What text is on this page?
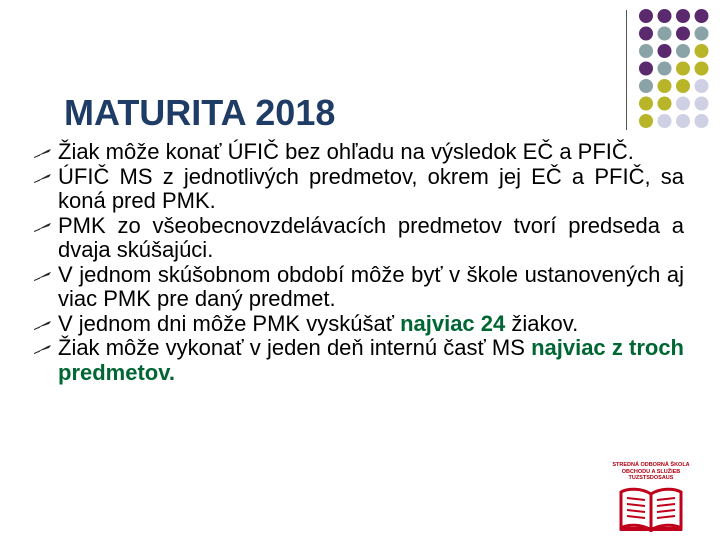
MATURITA 2018
Žiak môže konať ÚFIČ bez ohľadu na výsledok EČ a PFIČ.
ÚFIČ MS z jednotlivých predmetov, okrem jej EČ a PFIČ, sa koná pred PMK.
PMK zo všeobecnovzdelávacích predmetov tvorí predseda a dvaja skúšajúci.
V jednom skúšobnom období môže byť v škole ustanovených aj viac PMK pre daný predmet.
V jednom dni môže PMK vyskúšať najviac 24 žiakov.
Žiak môže vykonať v jeden deň internú časť MS najviac z troch predmetov.
STREDNÁ ODBORNÁ ŠKOLA
OBCHODU A SLUŽIEB
TUZSTSDOSAUS
